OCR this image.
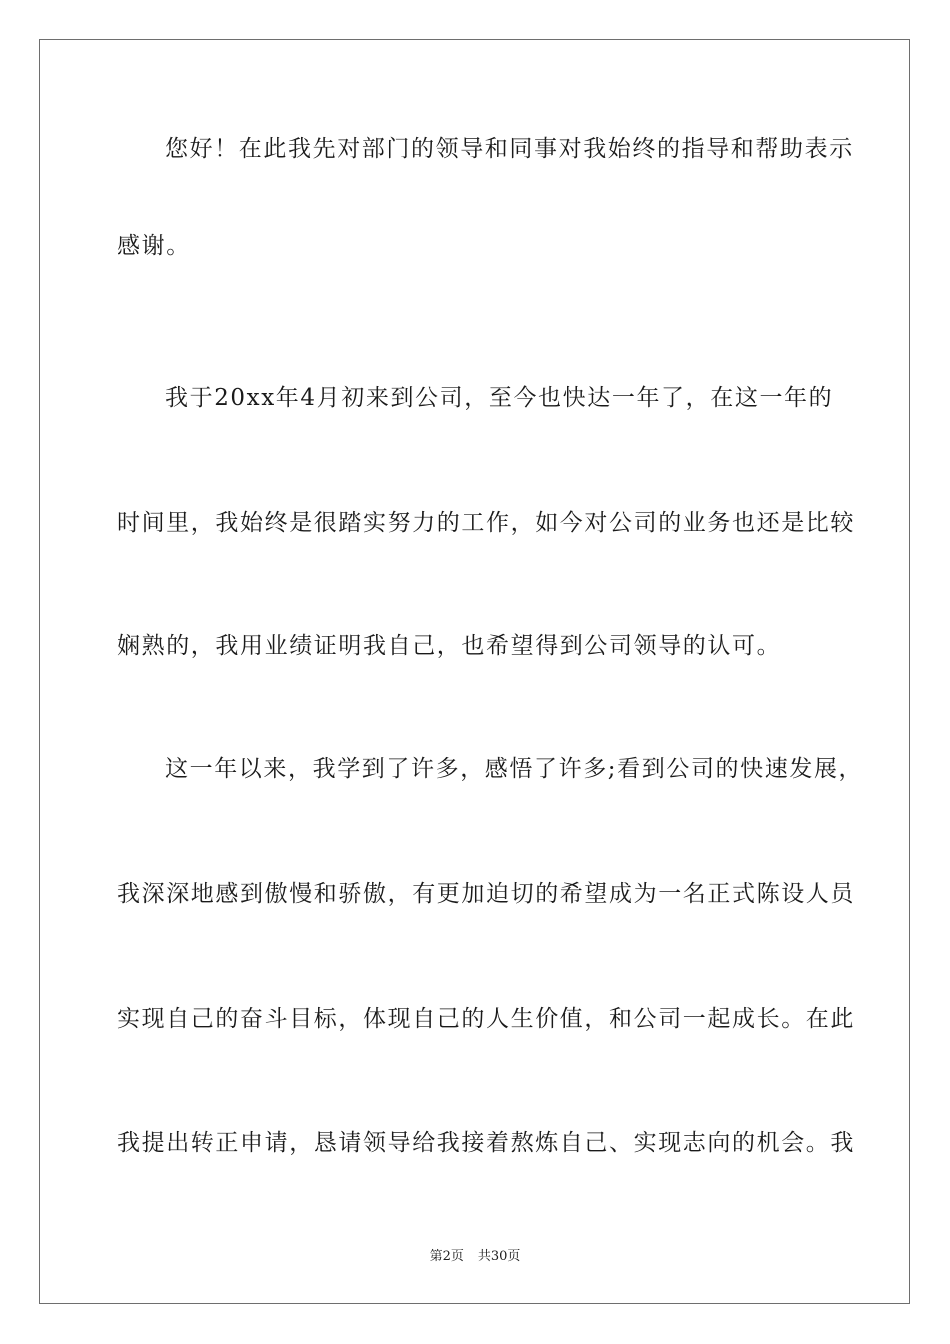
您好！在此我先对部门的领导和同事对我始终的指导和帮助表示
感谢。
我于20xx年4月初来到公司，至今也快达一年了，在这一年的
时间里，我始终是很踏实努力的工作，如今对公司的业务也还是比较
娴熟的，我用业绩证明我自己，也希望得到公司领导的认可。
这一年以来，我学到了许多，感悟了许多;看到公司的快速发展，
我深深地感到傲慢和骄傲，有更加迫切的希望成为一名正式陈设人员
实现自己的奋斗目标，体现自己的人生价值，和公司一起成长。在此
我提出转正申请，恳请领导给我接着熬炼自己、实现志向的机会。我
第2页 共30页
